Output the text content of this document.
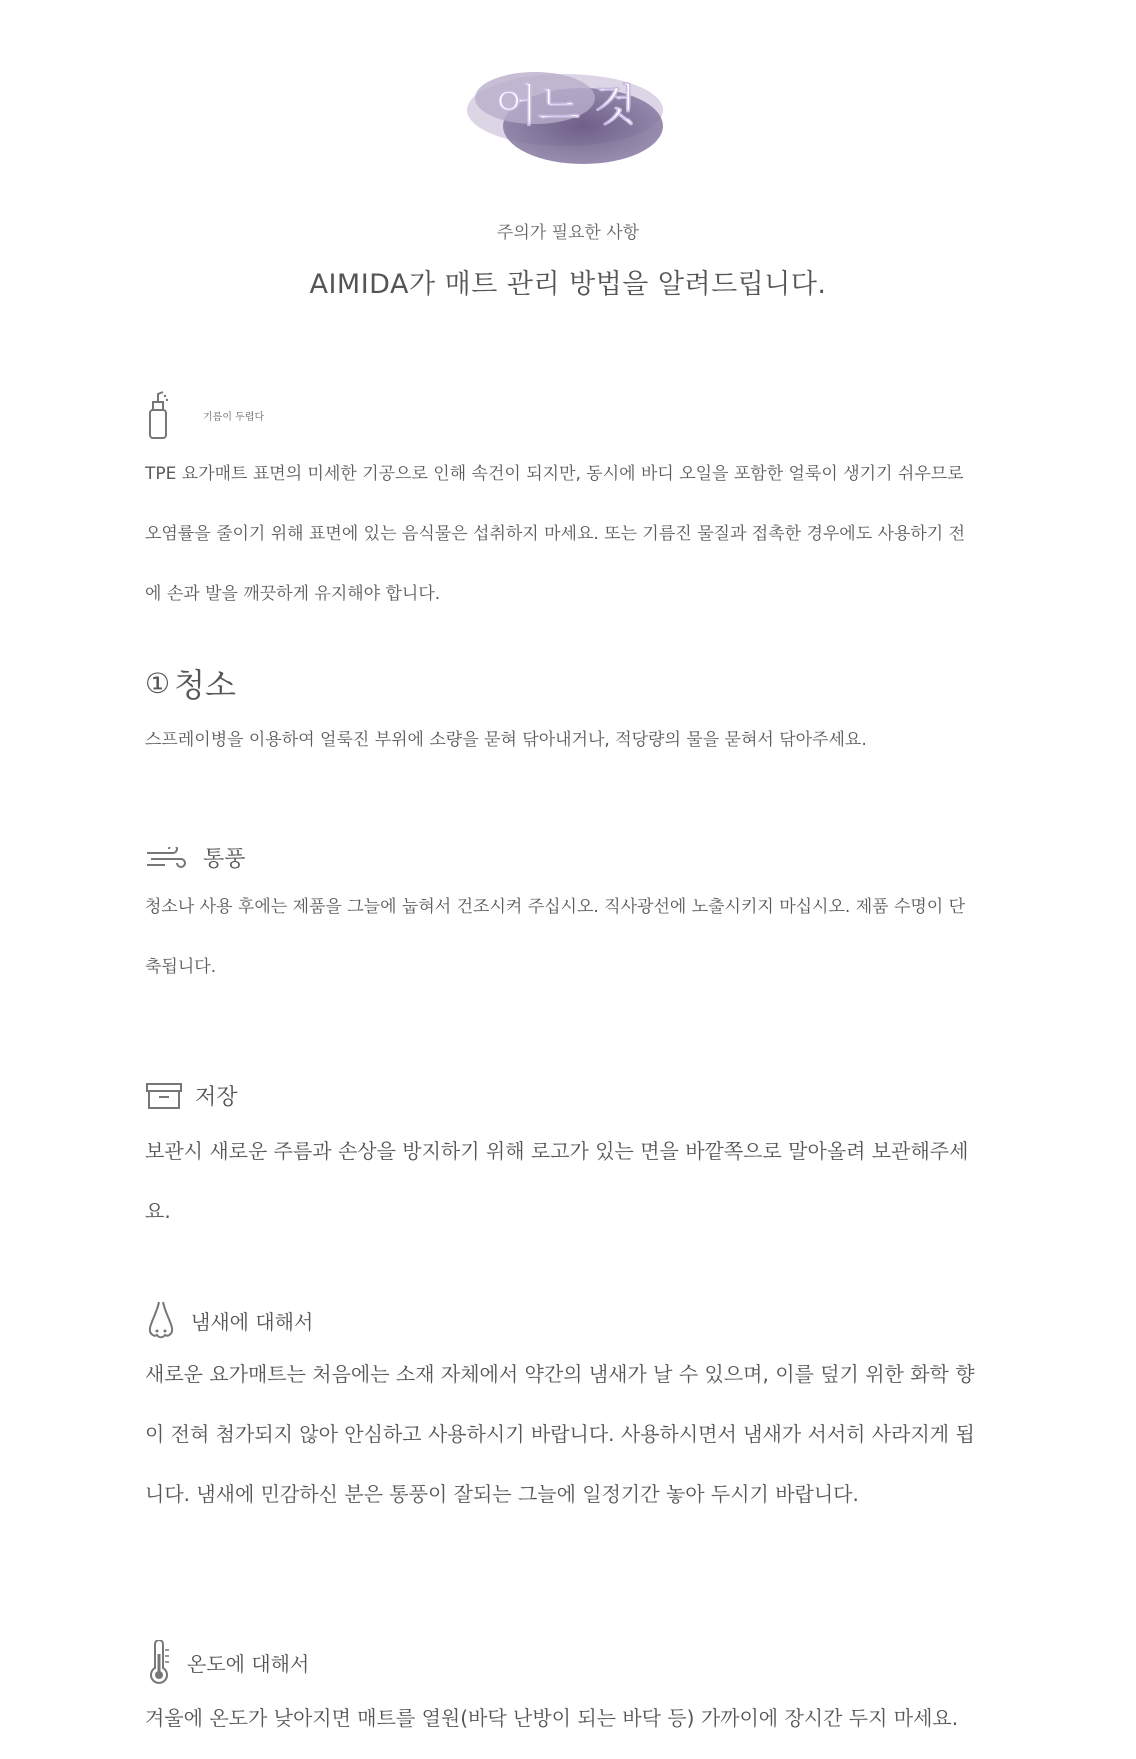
어느 것
주의가 필요한 사항
AIMIDA가 매트 관리 방법을 알려드립니다.
기름이 두렵다

TPE 요가매트 표면의 미세한 기공으로 인해 속건이 되지만, 동시에 바디 오일을 포함한 얼룩이 생기기 쉬우므로 오염률을 줄이기 위해 표면에 있는 음식물은 섭취하지 마세요. 또는 기름진 물질과 접촉한 경우에도 사용하기 전에 손과 발을 깨끗하게 유지해야 합니다.

① 청소

스프레이병을 이용하여 얼룩진 부위에 소량을 묻혀 닦아내거나, 적당량의 물을 묻혀서 닦아주세요.

통풍

청소나 사용 후에는 제품을 그늘에 눕혀서 건조시켜 주십시오. 직사광선에 노출시키지 마십시오. 제품 수명이 단축됩니다.

저장

보관시 새로운 주름과 손상을 방지하기 위해 로고가 있는 면을 바깥쪽으로 말아올려 보관해주세요.

냄새에 대해서

새로운 요가매트는 처음에는 소재 자체에서 약간의 냄새가 날 수 있으며, 이를 덮기 위한 화학 향이 전혀 첨가되지 않아 안심하고 사용하시기 바랍니다. 사용하시면서 냄새가 서서히 사라지게 됩니다. 냄새에 민감하신 분은 통풍이 잘되는 그늘에 일정기간 놓아 두시기 바랍니다.

온도에 대해서

겨울에 온도가 낮아지면 매트를 열원(바닥 난방이 되는 바닥 등) 가까이에 장시간 두지 마세요.
